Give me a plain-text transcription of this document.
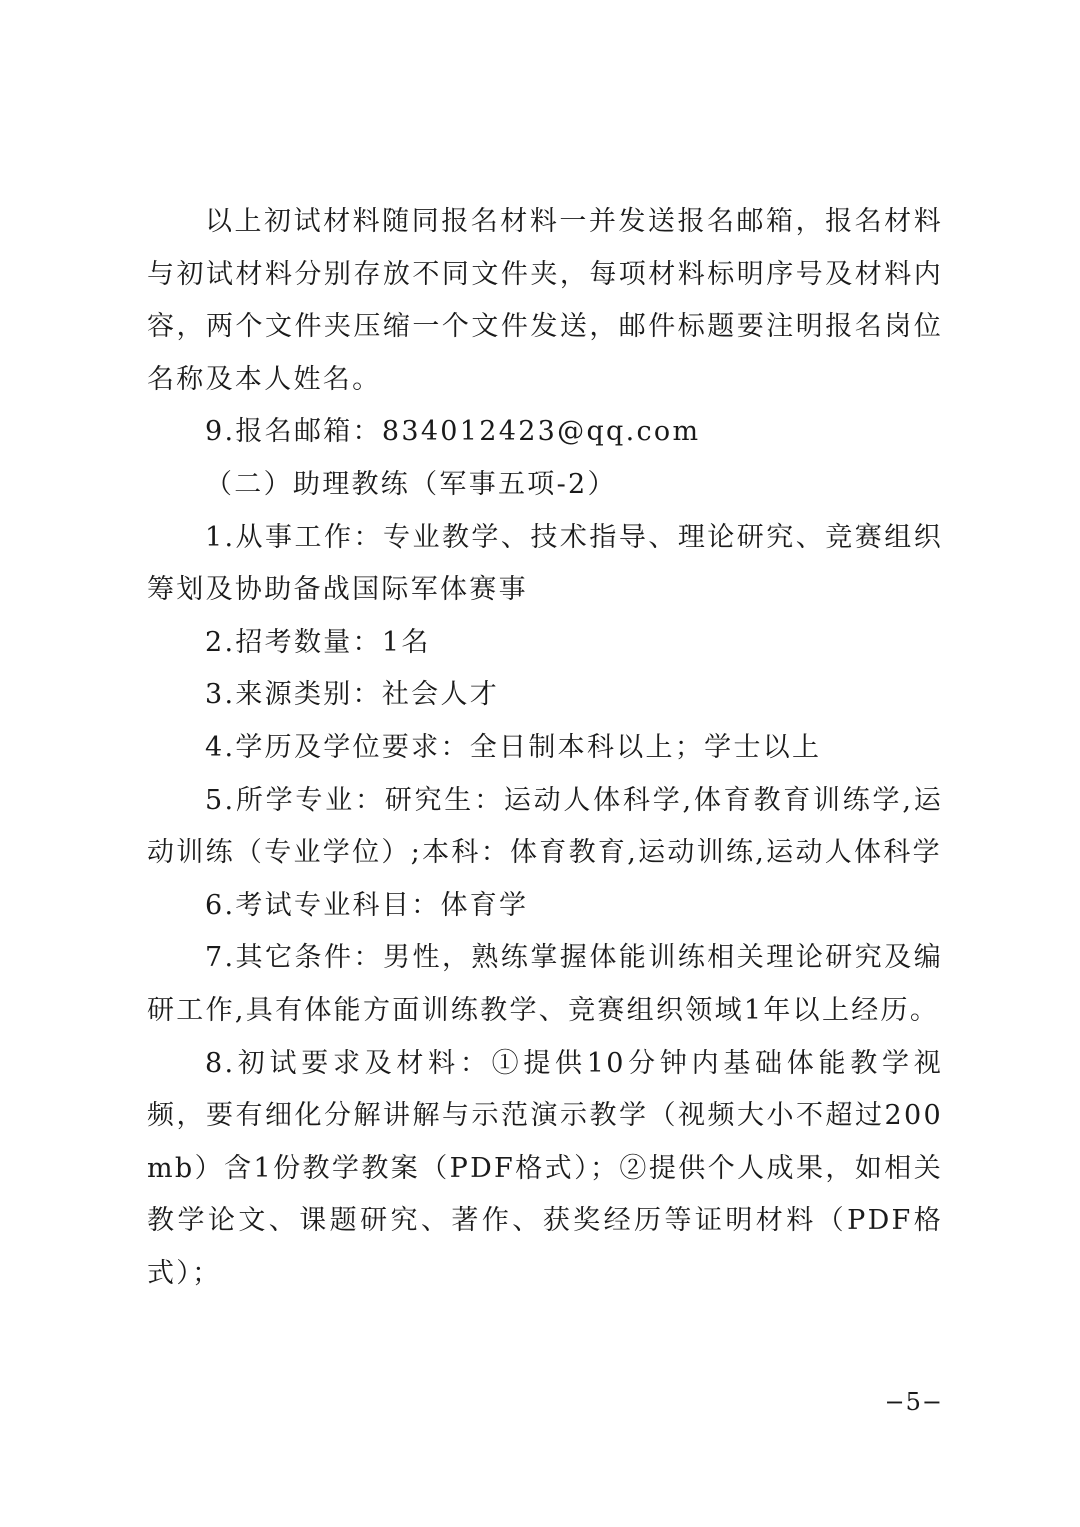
以上初试材料随同报名材料一并发送报名邮箱，报名材料与初试材料分别存放不同文件夹，每项材料标明序号及材料内容，两个文件夹压缩一个文件发送，邮件标题要注明报名岗位名称及本人姓名。

9.报名邮箱：834012423@qq.com

（二）助理教练（军事五项-2）

1.从事工作：专业教学、技术指导、理论研究、竞赛组织筹划及协助备战国际军体赛事

2.招考数量：1名

3.来源类别：社会人才

4.学历及学位要求：全日制本科以上；学士以上

5.所学专业：研究生：运动人体科学,体育教育训练学,运动训练（专业学位）;本科：体育教育,运动训练,运动人体科学

6.考试专业科目：体育学

7.其它条件：男性，熟练掌握体能训练相关理论研究及编研工作,具有体能方面训练教学、竞赛组织领域1年以上经历。

8.初试要求及材料：①提供10分钟内基础体能教学视频，要有细化分解讲解与示范演示教学（视频大小不超过200mb）含1份教学教案（PDF格式）；②提供个人成果，如相关教学论文、课题研究、著作、获奖经历等证明材料（PDF格式）；

−5−
